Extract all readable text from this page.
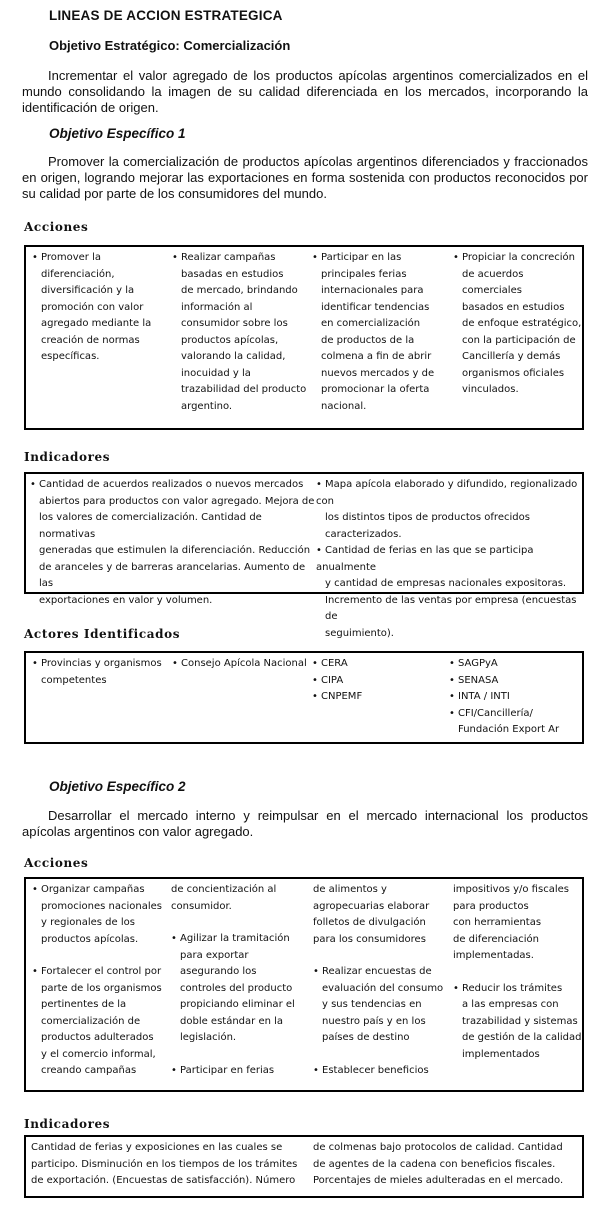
LINEAS DE ACCION ESTRATEGICA
Objetivo Estratégico: Comercialización
Incrementar el valor agregado de los productos apícolas argentinos comercializados en el mundo consolidando la imagen de su calidad diferenciada en los mercados, incorporando la identificación de origen.
Objetivo Específico 1
Promover la comercialización de productos apícolas argentinos diferenciados y fraccionados en origen, logrando mejorar las exportaciones en forma sostenida con productos reconocidos por su calidad por parte de los consumidores del mundo.
Acciones
• Promover la
diferenciación,
diversificación y la
promoción con valor
agregado mediante la
creación de normas
específicas.
• Realizar campañas
basadas en estudios
de mercado, brindando
información al
consumidor sobre los
productos apícolas,
valorando la calidad,
inocuidad y la
trazabilidad del producto
argentino.
• Participar en las
principales ferias
internacionales para
identificar tendencias
en comercialización
de productos de la
colmena a fin de abrir
nuevos mercados y de
promocionar la oferta
nacional.
• Propiciar la concreción
de acuerdos comerciales
basados en estudios
de enfoque estratégico,
con la participación de
Cancillería y demás
organismos oficiales
vinculados.
Indicadores
• Cantidad de acuerdos realizados o nuevos mercados
abiertos para productos con valor agregado. Mejora de
los valores de comercialización. Cantidad de normativas
generadas que estimulen la diferenciación. Reducción
de aranceles y de barreras arancelarias. Aumento de las
exportaciones en valor y volumen.
• Mapa apícola elaborado y difundido, regionalizado con
los distintos tipos de productos ofrecidos caracterizados.
• Cantidad de ferias en las que se participa anualmente
y cantidad de empresas nacionales expositoras.
Incremento de las ventas por empresa (encuestas de
seguimiento).
Actores Identificados
• Provincias y organismos
competentes
• Consejo Apícola Nacional • CERA
• CIPA
• CNPEMF
• SAGPyA
• SENASA
• INTA / INTI
• CFI/Cancillería/
Fundación Export Ar
Objetivo Específico 2
Desarrollar el mercado interno y reimpulsar en el mercado internacional los productos apícolas argentinos con valor agregado.
Acciones
• Organizar campañas
promociones nacionales
y regionales de los
productos apícolas.
• Fortalecer el control por
parte de los organismos
pertinentes de la
comercialización de
productos adulterados
y el comercio informal,
creando campañas
de concientización al
consumidor.
• Agilizar la tramitación
para exportar
asegurando los
controles del producto
propiciando eliminar el
doble estándar en la
legislación.
• Participar en ferias
de alimentos y
agropecuarias elaborar
folletos de divulgación
para los consumidores
• Realizar encuestas de
evaluación del consumo
y sus tendencias en
nuestro país y en los
países de destino
• Establecer beneficios
impositivos y/o fiscales
para productos
con herramientas
de diferenciación
implementadas.
• Reducir los trámites
a las empresas con
trazabilidad y sistemas
de gestión de la calidad
implementados
Indicadores
Cantidad de ferias y exposiciones en las cuales se
participo. Disminución en los tiempos de los trámites
de exportación. (Encuestas de satisfacción). Número
de colmenas bajo protocolos de calidad. Cantidad
de agentes de la cadena con beneficios fiscales.
Porcentajes de mieles adulteradas en el mercado.
